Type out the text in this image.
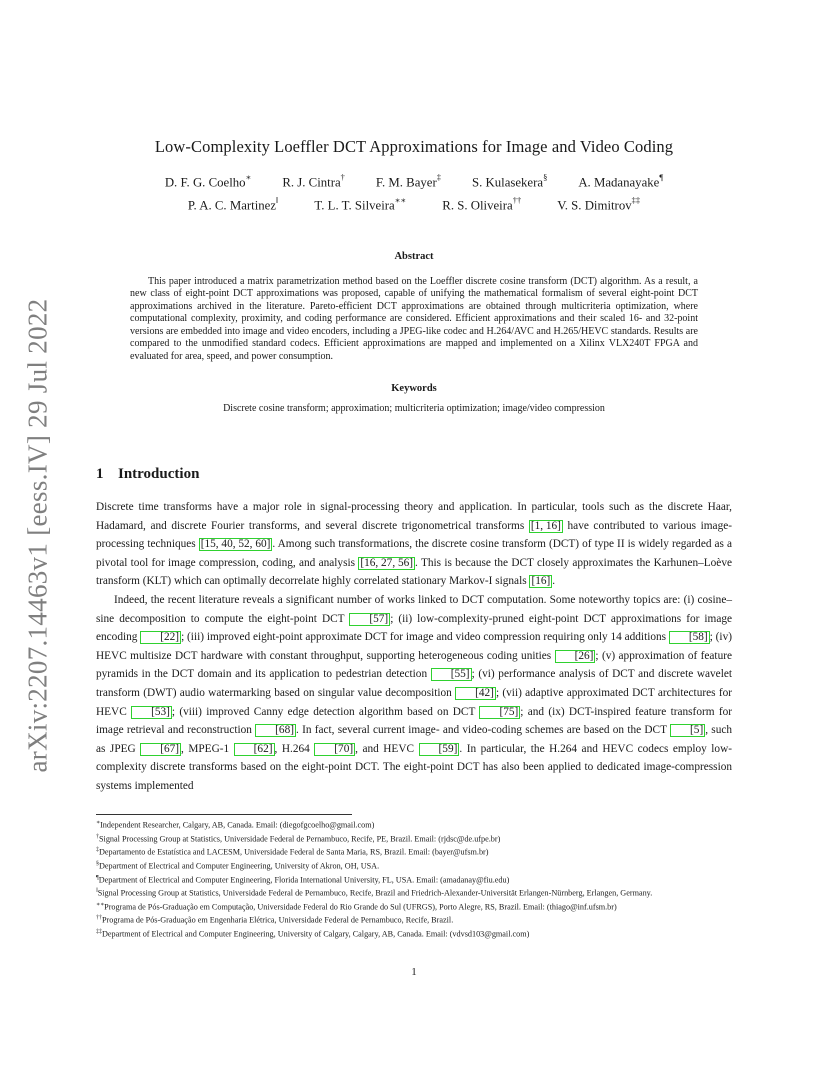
arXiv:2207.14463v1 [eess.IV] 29 Jul 2022
Low-Complexity Loeffler DCT Approximations for Image and Video Coding
D. F. G. Coelho∗ R. J. Cintra† F. M. Bayer‡ S. Kulasekera§ A. Madanayake¶
P. A. C. Martinez‖	T. L. T. Silveira∗∗	R. S. Oliveira††	V. S. Dimitrov‡‡
Abstract

This paper introduced a matrix parametrization method based on the Loeffler discrete cosine transform (DCT) algorithm. As a result, a new class of eight-point DCT approximations was proposed, capable of unifying the mathematical formalism of several eight-point DCT approximations archived in the literature. Pareto-efficient DCT approximations are obtained through multicriteria optimization, where computational complexity, proximity, and coding performance are considered. Efficient approximations and their scaled 16- and 32-point versions are embedded into image and video encoders, including a JPEG-like codec and H.264/AVC and H.265/HEVC standards. Results are compared to the unmodified standard codecs. Efficient approximations are mapped and implemented on a Xilinx VLX240T FPGA and evaluated for area, speed, and power consumption.

Keywords
Discrete cosine transform; approximation; multicriteria optimization; image/video compression
1 Introduction

Discrete time transforms have a major role in signal-processing theory and application. In particular, tools such as the discrete Haar, Hadamard, and discrete Fourier transforms, and several discrete trigonometrical transforms [1, 16] have contributed to various image-processing techniques [15, 40, 52, 60] . Among such transformations, the discrete cosine transform (DCT) of type II is widely regarded as a pivotal tool for image compression, coding, and analysis [16, 27, 56] . This is because the DCT closely approximates the Karhunen–Loève transform (KLT) which can optimally decorrelate highly correlated stationary Markov-I signals [16] .

Indeed, the recent literature reveals a significant number of works linked to DCT computation. Some noteworthy topics are: (i) cosine–sine decomposition to compute the eight-point DCT [57] ; (ii) low-complexity-pruned eight-point DCT approximations for image encoding [22] ; (iii) improved eight-point approximate DCT for image and video compression requiring only 14 additions [58] ; (iv) HEVC multisize DCT hardware with constant throughput, supporting heterogeneous coding unities [26] ; (v) approximation of feature pyramids in the DCT domain and its application to pedestrian detection [55] ; (vi) performance analysis of DCT and discrete wavelet transform (DWT) audio watermarking based on singular value decomposition [42] ; (vii) adaptive approximated DCT architectures for HEVC [53] ; (viii) improved Canny edge detection algorithm based on DCT [75] ; and (ix) DCT-inspired feature transform for image retrieval and reconstruction [68] . In fact, several current image- and video-coding schemes are based on the DCT [5] , such as JPEG [67] , MPEG-1 [62] , H.264 [70] , and HEVC [59] . In particular, the H.264 and HEVC codecs employ low-complexity discrete transforms based on the eight-point DCT. The eight-point DCT has also been applied to dedicated image-compression systems implemented

∗Independent Researcher, Calgary, AB, Canada. Email: (diegofgcoelho@gmail.com)

†Signal Processing Group at Statistics, Universidade Federal de Pernambuco, Recife, PE, Brazil. Email: (rjdsc@de.ufpe.br)

‡Departamento de Estatística and LACESM, Universidade Federal de Santa Maria, RS, Brazil. Email: (bayer@ufsm.br)

§Department of Electrical and Computer Engineering, University of Akron, OH, USA.

¶Department of Electrical and Computer Engineering, Florida International University, FL, USA. Email: (amadanay@fiu.edu)

‖Signal Processing Group at Statistics, Universidade Federal de Pernambuco, Recife, Brazil and Friedrich-Alexander-Universität Erlangen-Nürnberg, Erlangen, Germany.

∗∗Programa de Pós-Graduação em Computação, Universidade Federal do Rio Grande do Sul (UFRGS), Porto Alegre, RS, Brazil. Email: (thiago@inf.ufsm.br)

††Programa de Pós-Graduação em Engenharia Elétrica, Universidade Federal de Pernambuco, Recife, Brazil.

‡‡Department of Electrical and Computer Engineering, University of Calgary, Calgary, AB, Canada. Email: (vdvsd103@gmail.com)

1
